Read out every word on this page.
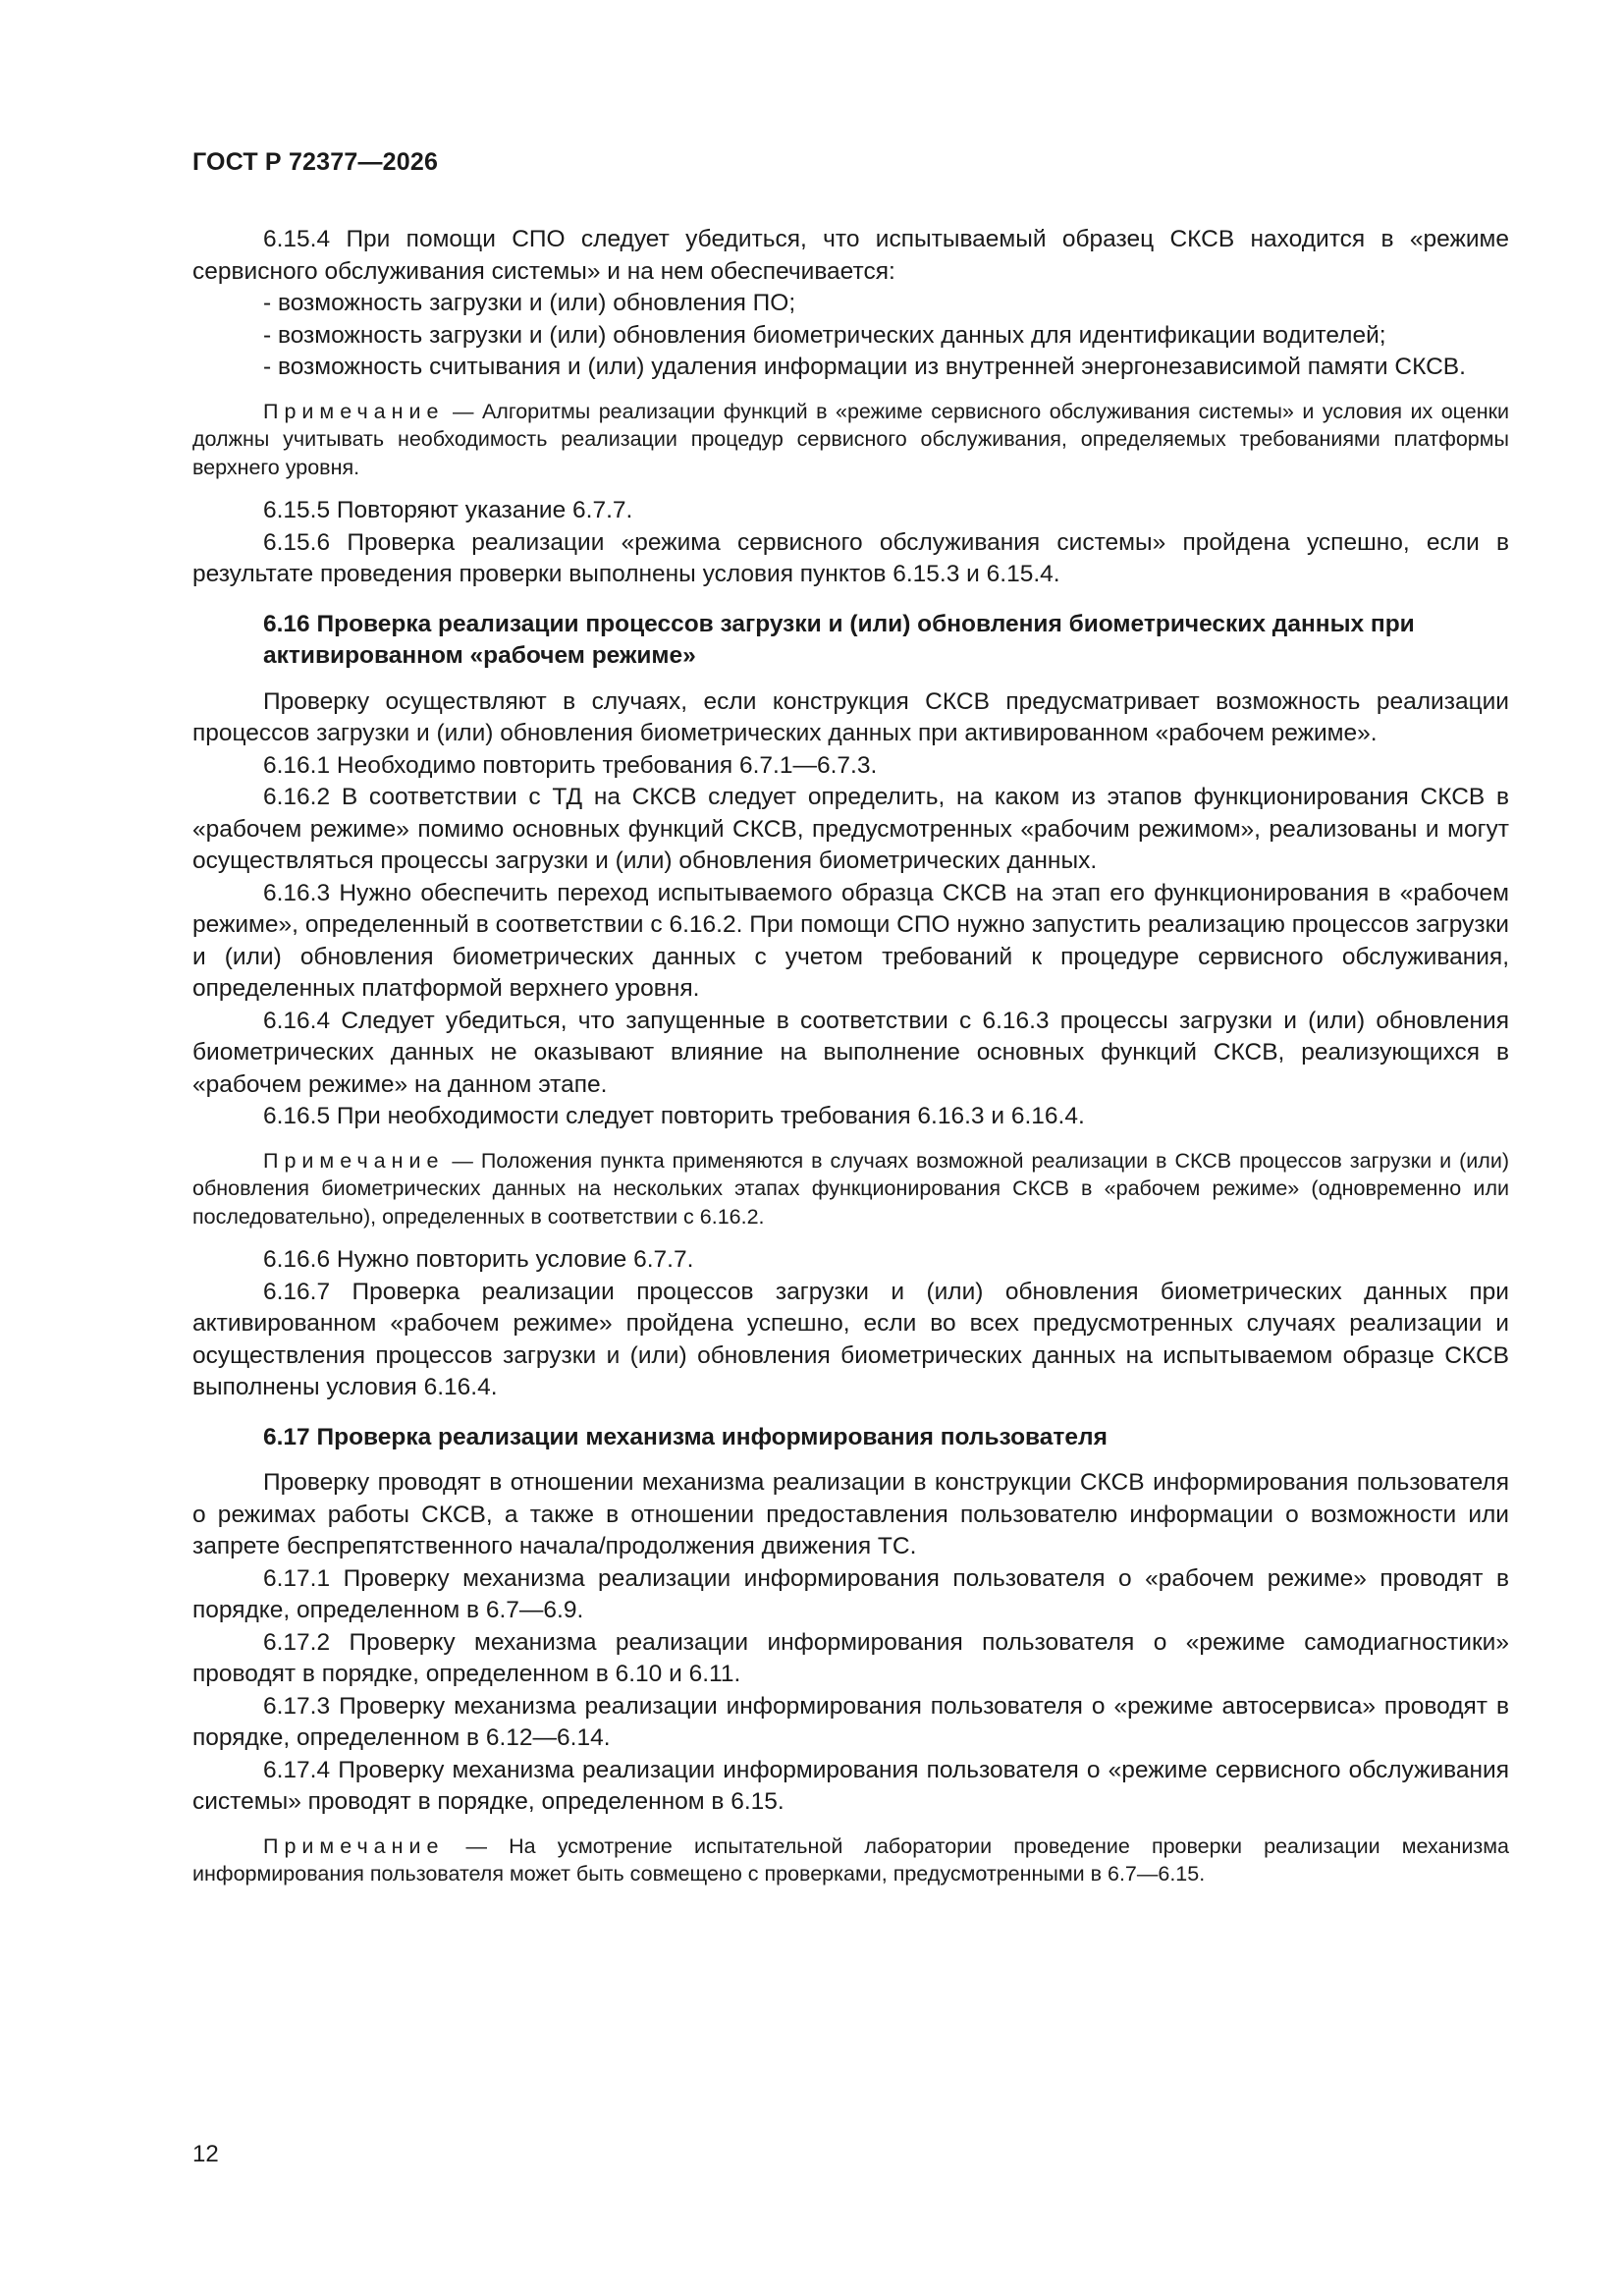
ГОСТ Р 72377—2026

6.15.4 При помощи СПО следует убедиться, что испытываемый образец СКСВ находится в «режиме сервисного обслуживания системы» и на нем обеспечивается:

- возможность загрузки и (или) обновления ПО;

- возможность загрузки и (или) обновления биометрических данных для идентификации водителей;

- возможность считывания и (или) удаления информации из внутренней энергонезависимой памяти СКСВ.

Примечание — Алгоритмы реализации функций в «режиме сервисного обслуживания системы» и условия их оценки должны учитывать необходимость реализации процедур сервисного обслуживания, определяемых требованиями платформы верхнего уровня.

6.15.5 Повторяют указание 6.7.7.

6.15.6 Проверка реализации «режима сервисного обслуживания системы» пройдена успешно, если в результате проведения проверки выполнены условия пунктов 6.15.3 и 6.15.4.

6.16 Проверка реализации процессов загрузки и (или) обновления биометрических данных при активированном «рабочем режиме»

Проверку осуществляют в случаях, если конструкция СКСВ предусматривает возможность реализации процессов загрузки и (или) обновления биометрических данных при активированном «рабочем режиме».

6.16.1 Необходимо повторить требования 6.7.1—6.7.3.

6.16.2 В соответствии с ТД на СКСВ следует определить, на каком из этапов функционирования СКСВ в «рабочем режиме» помимо основных функций СКСВ, предусмотренных «рабочим режимом», реализованы и могут осуществляться процессы загрузки и (или) обновления биометрических данных.

6.16.3 Нужно обеспечить переход испытываемого образца СКСВ на этап его функционирования в «рабочем режиме», определенный в соответствии с 6.16.2. При помощи СПО нужно запустить реализацию процессов загрузки и (или) обновления биометрических данных с учетом требований к процедуре сервисного обслуживания, определенных платформой верхнего уровня.

6.16.4 Следует убедиться, что запущенные в соответствии с 6.16.3 процессы загрузки и (или) обновления биометрических данных не оказывают влияние на выполнение основных функций СКСВ, реализующихся в «рабочем режиме» на данном этапе.

6.16.5 При необходимости следует повторить требования 6.16.3 и 6.16.4.

Примечание — Положения пункта применяются в случаях возможной реализации в СКСВ процессов загрузки и (или) обновления биометрических данных на нескольких этапах функционирования СКСВ в «рабочем режиме» (одновременно или последовательно), определенных в соответствии с 6.16.2.

6.16.6 Нужно повторить условие 6.7.7.

6.16.7 Проверка реализации процессов загрузки и (или) обновления биометрических данных при активированном «рабочем режиме» пройдена успешно, если во всех предусмотренных случаях реализации и осуществления процессов загрузки и (или) обновления биометрических данных на испытываемом образце СКСВ выполнены условия 6.16.4.

6.17 Проверка реализации механизма информирования пользователя

Проверку проводят в отношении механизма реализации в конструкции СКСВ информирования пользователя о режимах работы СКСВ, а также в отношении предоставления пользователю информации о возможности или запрете беспрепятственного начала/продолжения движения ТС.

6.17.1 Проверку механизма реализации информирования пользователя о «рабочем режиме» проводят в порядке, определенном в 6.7—6.9.

6.17.2 Проверку механизма реализации информирования пользователя о «режиме самодиагностики» проводят в порядке, определенном в 6.10 и 6.11.

6.17.3 Проверку механизма реализации информирования пользователя о «режиме автосервиса» проводят в порядке, определенном в 6.12—6.14.

6.17.4 Проверку механизма реализации информирования пользователя о «режиме сервисного обслуживания системы» проводят в порядке, определенном в 6.15.

Примечание — На усмотрение испытательной лаборатории проведение проверки реализации механизма информирования пользователя может быть совмещено с проверками, предусмотренными в 6.7—6.15.

12
